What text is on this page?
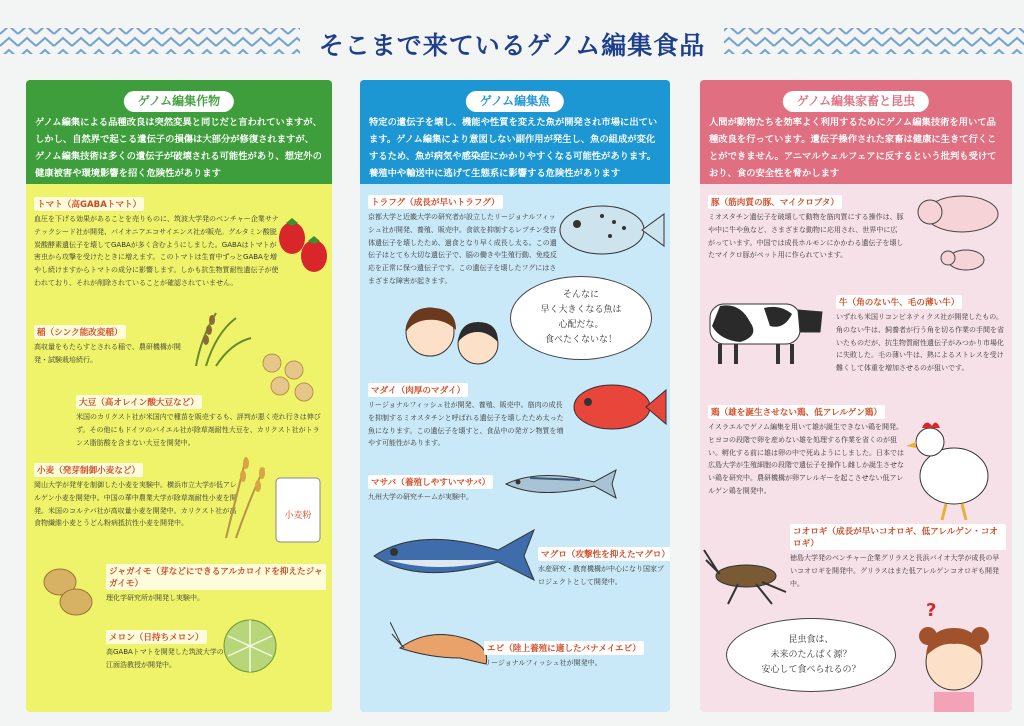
そこまで来ているゲノム編集食品
ゲノム編集作物
ゲノム編集による品種改良は突然変異と同じだと言われていますが、しかし、自然界で起こる遺伝子の損傷は大部分が修復されますが、ゲノム編集技術は多くの遺伝子が破壊される可能性があり、想定外の健康被害や環境影響を招く危険性があります
トマト（高GABAトマト）
血圧を下げる効果があることを売りものに、筑波大学発のベンチャー企業サナテックシード社が開発、パイオニアエコサイエンス社が販売。グルタミン酸脱炭酸酵素遺伝子を壊してGABAが多く含むようにしました。GABAはトマトが害虫から攻撃を受けたときに増えます。このトマトは生育中ずっとGABAを増やし続けますからトマトの成分に影響します。しかも抗生物質耐性遺伝子が使われており、それが削除されていることが確認されていません。
稲（シンク能改変稲）
高収量をもたらすとされる稲で、農研機構が開発・試験栽培続行。
大豆（高オレイン酸大豆など）
米国のカリクスト社が米国内で種苗を販売するも、評判が悪く売れ行きは伸びず。その他にもドイツのバイエル社が除草剤耐性大豆を、カリクスト社がトランス脂肪酸を含まない大豆を開発中。
小麦（発芽制御小麦など）
岡山大学が発芽を制御した小麦を実験中。横浜市立大学が低アレルゲン小麦を開発中。中国の華中農業大学が除草剤耐性小麦を開発。米国のコルテバ社が高収量小麦を開発中。カリクスト社が高食物繊維小麦とうどん粉病抵抗性小麦を開発中。
小麦粉
ジャガイモ（芽などにできるアルカロイドを抑えたジャガイモ）
理化学研究所が開発し実験中。
メロン（日持ちメロン）
高GABAトマトを開発した筑波大学の江面浩教授が開発中。
ゲノム編集魚
特定の遺伝子を壊し、機能や性質を変えた魚が開発され市場に出ています。ゲノム編集により意図しない副作用が発生し、魚の組成が変化するため、魚が病気や感染症にかかりやすくなる可能性があります。養殖中や輸送中に逃げて生態系に影響する危険性があります
トラフグ（成長が早いトラフグ）
京都大学と近畿大学の研究者が設立したリージョナルフィッシュ社が開発、養殖、販売中。食欲を抑制するレプチン受容体遺伝子を壊したため、過食となり早く成長し太る。この遺伝子はとても大切な遺伝子で、脳の働きや生殖行動、免疫反応を正常に保つ遺伝子です。この遺伝子を壊したフグにはさまざまな障害が起きます。
そんなに
早く大きくなる魚は
心配だな。
食べたくないな！
マダイ（肉厚のマダイ）
リージョナルフィッシュ社が開発、養殖、販売中。筋肉の成長を抑制するミオスタチンと呼ばれる遺伝子を壊したため太った魚になります。この遺伝子を壊すと、食品中の発ガン物質を増やす可能性があります。
マサバ（養殖しやすいマサバ）
九州大学の研究チームが実験中。
マグロ（攻撃性を抑えたマグロ）
水産研究・教育機構が中心になり国家プロジェクトとして開発中。
エビ（陸上養殖に適したバナメイエビ）
リージョナルフィッシュ社が開発中。
ゲノム編集家畜と昆虫
人間が動物たちを効率よく利用するためにゲノム編集技術を用いて品種改良を行っています。遺伝子操作された家畜は健康に生きて行くことができません。アニマルウェルフェアに反するという批判も受けており、食の安全性を脅かします
豚（筋肉質の豚、マイクロブタ）
ミオスタチン遺伝子を破壊して動物を筋肉質にする操作は、豚や中に牛や魚など、さまざまな動物に応用され、世界中に広がっています。中国では成長ホルモンにかかわる遺伝子を壊したマイクロ豚がペット用に作られています。
牛（角のない牛、毛の薄い牛）
いずれも米国リコンビネティクス社が開発したもの。角のない牛は、飼養者が行う角を切る作業の手間を省いたものだが、抗生物質耐性遺伝子がみつかり市場化に失敗した。毛の薄い牛は、熱によるストレスを受け難くして体重を増加させるのが狙いです。
鶏（雄を誕生させない鶏、低アレルゲン鶏）
イスラエルでゲノム編集を用いて雄が誕生できない鶏を開発。ヒヨコの段階で卵を産めない雄を処理する作業を省くのが狙い。孵化する前に雄は卵の中で死ぬようにしました。日本では広島大学が生殖細胞の段階で遺伝子を操作し雌しか誕生させない鶏を研究中。農研機構が卵アレルギーを起こさせない低アレルゲン鶏を開発中。
コオロギ（成長が早いコオロギ、低アレルゲン・コオロギ）
徳島大学発のベンチャー企業グリラスと長浜バイオ大学が成長の早いコオロギを開発中。グリラスはまた低アレルゲンコオロギも開発中。
昆虫食は、
未来のたんぱく源？
安心して食べられるの？
?
